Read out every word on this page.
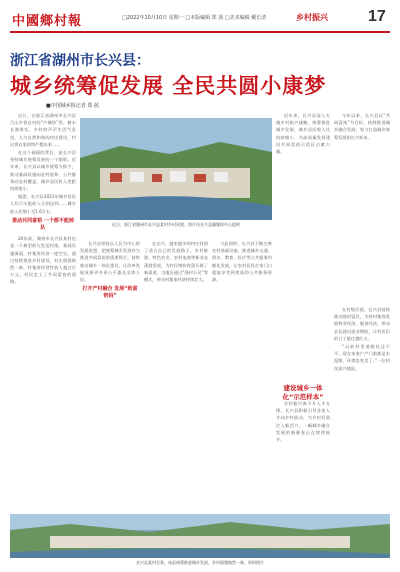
中國鄉村報	□2022年10月10日 星期一 □本版编辑 郑 茜 □美术编辑 戴长清	乡村振兴	17
浙江省湖州市长兴县：
城乡统筹促发展 全民共圆小康梦
■中国城乡报记者 郑 茜

近日，在浙江省湖州市长兴县吕山乡胥仓村的“产城协”里，树木长满果实，乡村的声声生活气息里，人与自然和谐的村庄建设，村民将自家的特产摆出来……

在这个画面的背后，是长兴县坚持城乡统筹发展的一个缩影。近年来，长兴县以城乡统筹为抓手，推动基础设施向农村延伸、公共服务向农村覆盖，城乡居民收入差距持续缩小。

据悉，长兴县2021年城乡居民人均可支配收入分别达到……城乡收入比缩小至1.6左右。

推动共同富裕 一个都不能掉队

20年前，湖州市长兴县某村也是一个典型的欠发达村落，基础设施薄弱，村集体经济一度空壳。通过持续推进乡村建设，村庄面貌焕然一新，村集体经营性收入超过百万元，村民走上了共同富裕的道路。

近日，浙江省湖州市长兴县某村乡村风貌。图片由长兴县融媒体中心提供

长兴县坚持以人民为中心的发展思想，把统筹城乡发展作为推进共同富裕的重要抓手，持续推动城乡一体化建设，让改革发展成果更多更公平惠及全体人民。

打开产村融合 发展“致富密码”

在长兴，越来越多的村庄找到了适合自己的发展路子。乡村旅游、特色农业、农村电商等新业态蓬勃发展，为村民增收致富开辟了新渠道。当地还通过“强村公司”等模式，带动村集体经济持续壮大。

与此同时，长兴县不断完善农村基础设施，推进城乡交通、供水、教育、医疗等公共服务均衡化发展，让农村居民在家门口就能享受到优质的公共服务资源。

近年来，长兴县深入实施乡村振兴战略，统筹推进城乡发展，城乡居民收入比持续缩小，为高质量发展建设共同富裕示范区贡献力量。

今年以来，长兴县以“共同富裕”为目标，持续推进城乡融合发展，努力打造城乡统筹发展的长兴样本。

建设城乡一体化“示范样本”

乡村振兴离不开人才支撑。长兴县积极引导各类人才向乡村流动，为乡村发展注入新活力，一幅城乡融合发展的新画卷正在徐徐展开。

在村级层面，长兴县持续推动强村富民，支持村集体发展物业经济、服务经济，带动农民就近就业增收，让村民们的日子越过越红火。

“以前村里道路坑洼不平，现在家家户户门前都是水泥路，环境也变美了。”一位村民高兴地说。

长兴县某村全景。该县统筹推进城乡发展，乡村面貌焕然一新。资料图片
